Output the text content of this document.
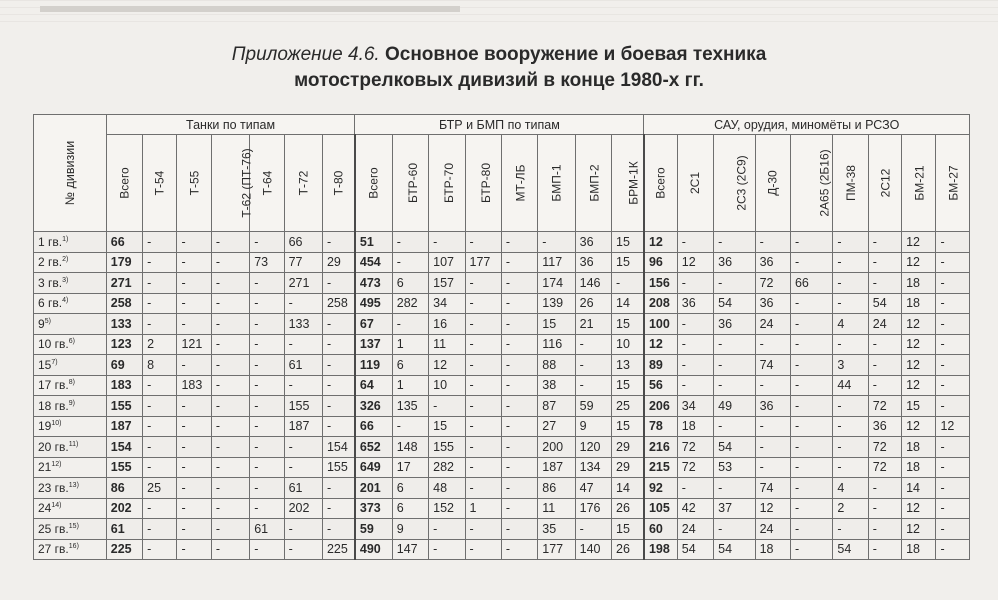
Приложение 4.6. Основное вооружение и боевая техника
мотострелковых дивизий в конце 1980-х гг.
№ дивизии	Танки по типам							БТР и БМП по типам								САУ, орудия, миномёты и РСЗО								
	Всего	Т-54	Т-55	Т-62 (ПТ-76)	Т-64	Т-72	Т-80	Всего	БТР-60	БТР-70	БТР-80	МТ-ЛБ	БМП-1	БМП-2	БРМ-1К	Всего	2С1	2С3 (2С9)	Д-30	2А65 (2Б16)	ПМ-38	2С12	БМ-21	БМ-27
1 гв.$^{1)}$	66	-	-	-	-	66	-	51	-	-	-	-	-	36	15	12	-	-	-	-	-	-	12	-
2 гв.$^{2)}$	179	-	-	-	73	77	29	454	-	107	177	-	117	36	15	96	12	36	36	-	-	-	12	-
3 гв.$^{3)}$	271	-	-	-	-	271	-	473	6	157	-	-	174	146	-	156	-	-	72	66	-	-	18	-
6 гв.$^{4)}$	258	-	-	-	-	-	258	495	282	34	-	-	139	26	14	208	36	54	36	-	-	54	18	-
9$^{5)}$	133	-	-	-	-	133	-	67	-	16	-	-	15	21	15	100	-	36	24	-	4	24	12	-
10 гв.$^{6)}$	123	2	121	-	-	-	-	137	1	11	-	-	116	-	10	12	-	-	-	-	-	-	12	-
15$^{7)}$	69	8	-	-	-	61	-	119	6	12	-	-	88	-	13	89	-	-	74	-	3	-	12	-
17 гв.$^{8)}$	183	-	183	-	-	-	-	64	1	10	-	-	38	-	15	56	-	-	-	-	44	-	12	-
18 гв.$^{9)}$	155	-	-	-	-	155	-	326	135	-	-	-	87	59	25	206	34	49	36	-	-	72	15	-
19$^{10)}$	187	-	-	-	-	187	-	66	-	15	-	-	27	9	15	78	18	-	-	-	-	36	12	12
20 гв.$^{11)}$	154	-	-	-	-	-	154	652	148	155	-	-	200	120	29	216	72	54	-	-	-	72	18	-
21$^{12)}$	155	-	-	-	-	-	155	649	17	282	-	-	187	134	29	215	72	53	-	-	-	72	18	-
23 гв.$^{13)}$	86	25	-	-	-	61	-	201	6	48	-	-	86	47	14	92	-	-	74	-	4	-	14	-
24$^{14)}$	202	-	-	-	-	202	-	373	6	152	1	-	11	176	26	105	42	37	12	-	2	-	12	-
25 гв.$^{15)}$	61	-	-	-	61	-	-	59	9	-	-	-	35	-	15	60	24	-	24	-	-	-	12	-
27 гв.$^{16)}$	225	-	-	-	-	-	225	490	147	-	-	-	177	140	26	198	54	54	18	-	54	-	18	-
